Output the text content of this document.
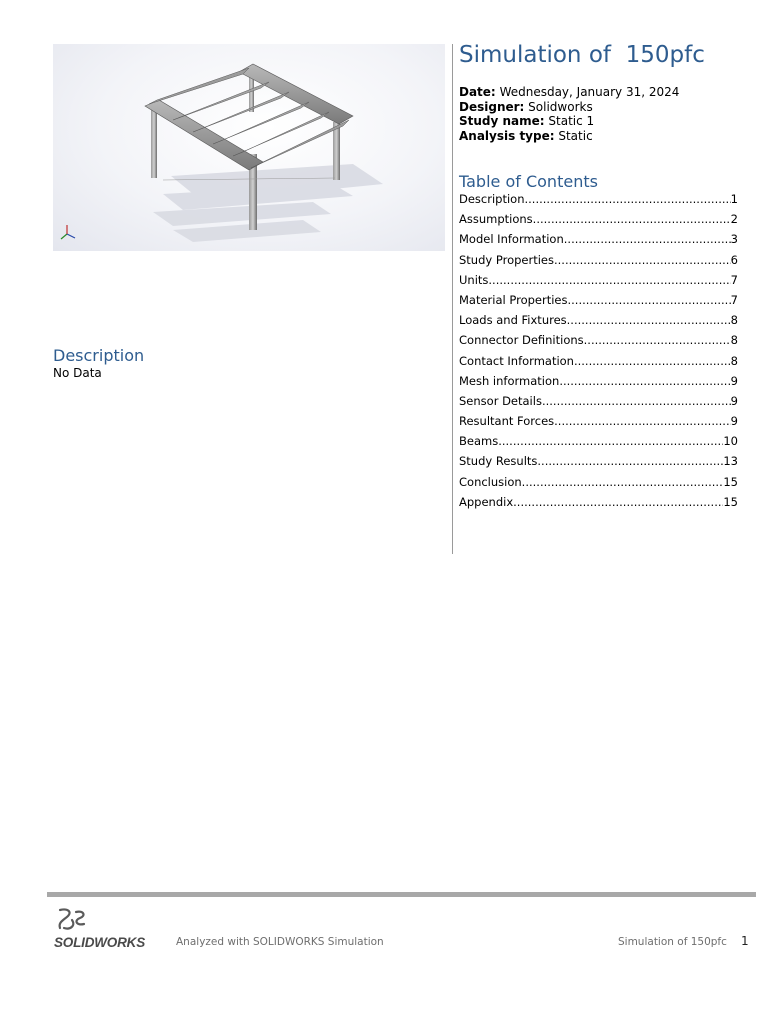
Simulation of  150pfc
Date: Wednesday, January 31, 2024
Designer: Solidworks
Study name: Static 1
Analysis type: Static
Table of Contents
Description .....	1
Assumptions .....	2
Model Information .....	3
Study Properties .....	6
Units .....	7
Material Properties .....	7
Loads and Fixtures .....	8
Connector Definitions .....	8
Contact Information .....	8
Mesh information .....	9
Sensor Details .....	9
Resultant Forces .....	9
Beams .....	10
Study Results .....	13
Conclusion .....	15
Appendix .....	15
Description
No Data
SOLIDWORKS	Analyzed with SOLIDWORKS Simulation	Simulation of 150pfc 1
